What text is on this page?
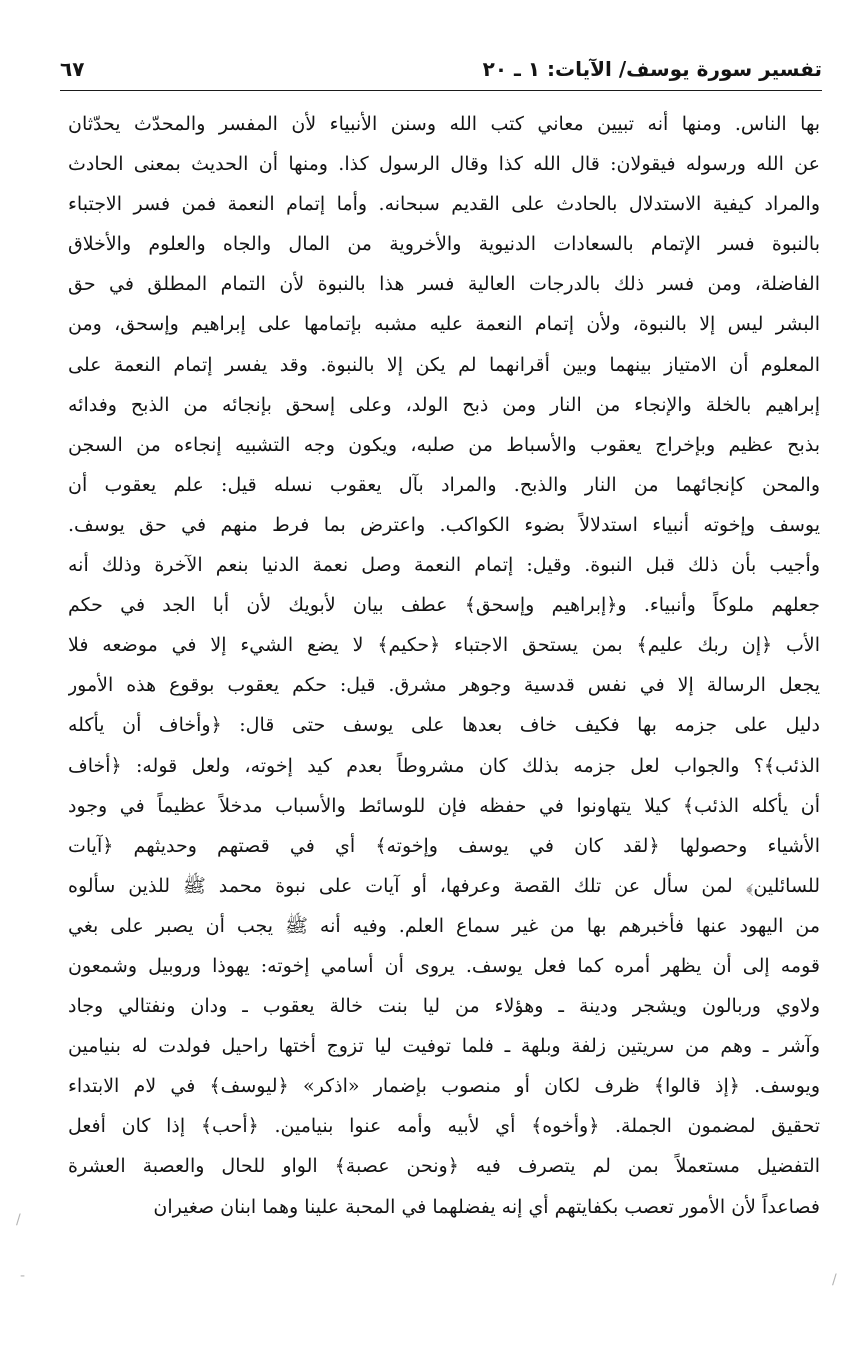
تفسير سورة يوسف/ الآيات: ١ ـ ٢٠
٦٧
بها الناس. ومنها أنه تبيين معاني كتب الله وسنن الأنبياء لأن المفسر والمحدّث يحدّثان
عن الله ورسوله فيقولان: قال الله كذا وقال الرسول كذا. ومنها أن الحديث بمعنى الحادث
والمراد كيفية الاستدلال بالحادث على القديم سبحانه. وأما إتمام النعمة فمن فسر الاجتباء
بالنبوة فسر الإتمام بالسعادات الدنيوية والأخروية من المال والجاه والعلوم والأخلاق
الفاضلة، ومن فسر ذلك بالدرجات العالية فسر هذا بالنبوة لأن التمام المطلق في حق
البشر ليس إلا بالنبوة، ولأن إتمام النعمة عليه مشبه بإتمامها على إبراهيم وإسحق، ومن
المعلوم أن الامتياز بينهما وبين أقرانهما لم يكن إلا بالنبوة. وقد يفسر إتمام النعمة على
إبراهيم بالخلة والإنجاء من النار ومن ذبح الولد، وعلى إسحق بإنجائه من الذبح وفدائه
بذبح عظيم وبإخراج يعقوب والأسباط من صلبه، ويكون وجه التشبيه إنجاءه من السجن
والمحن كإنجائهما من النار والذبح. والمراد بآل يعقوب نسله قيل: علم يعقوب أن
يوسف وإخوته أنبياء استدلالاً بضوء الكواكب. واعترض بما فرط منهم في حق يوسف.
وأجيب بأن ذلك قبل النبوة. وقيل: إتمام النعمة وصل نعمة الدنيا بنعم الآخرة وذلك أنه
جعلهم ملوكاً وأنبياء. و﴿إبراهيم وإسحق﴾ عطف بيان لأبويك لأن أبا الجد في حكم
الأب ﴿إن ربك عليم﴾ بمن يستحق الاجتباء ﴿حكيم﴾ لا يضع الشيء إلا في موضعه فلا
يجعل الرسالة إلا في نفس قدسية وجوهر مشرق. قيل: حكم يعقوب بوقوع هذه الأمور
دليل على جزمه بها فكيف خاف بعدها على يوسف حتى قال: ﴿وأخاف أن يأكله
الذئب﴾؟ والجواب لعل جزمه بذلك كان مشروطاً بعدم كيد إخوته، ولعل قوله: ﴿أخاف
أن يأكله الذئب﴾ كيلا يتهاونوا في حفظه فإن للوسائط والأسباب مدخلاً عظيماً في وجود
الأشياء وحصولها ﴿لقد كان في يوسف وإخوته﴾ أي في قصتهم وحديثهم ﴿آيات
للسائلين﴾ لمن سأل عن تلك القصة وعرفها، أو آيات على نبوة محمد ﷺ للذين سألوه
من اليهود عنها فأخبرهم بها من غير سماع العلم. وفيه أنه ﷺ يجب أن يصبر على بغي
قومه إلى أن يظهر أمره كما فعل يوسف. يروى أن أسامي إخوته: يهوذا وروبيل وشمعون
ولاوي وربالون ويشجر ودينة ـ وهؤلاء من ليا بنت خالة يعقوب ـ ودان ونفتالي وجاد
وآشر ـ وهم من سريتين زلفة وبلهة ـ فلما توفيت ليا تزوج أختها راحيل فولدت له بنيامين
ويوسف. ﴿إذ قالوا﴾ ظرف لكان أو منصوب بإضمار «اذكر» ﴿ليوسف﴾ في لام الابتداء
تحقيق لمضمون الجملة. ﴿وأخوه﴾ أي لأبيه وأمه عنوا بنيامين. ﴿أحب﴾ إذا كان أفعل
التفضيل مستعملاً بمن لم يتصرف فيه ﴿ونحن عصبة﴾ الواو للحال والعصبة العشرة
فصاعداً لأن الأمور تعصب بكفايتهم أي إنه يفضلهما في المحبة علينا وهما ابنان صغيران
/
-	/
